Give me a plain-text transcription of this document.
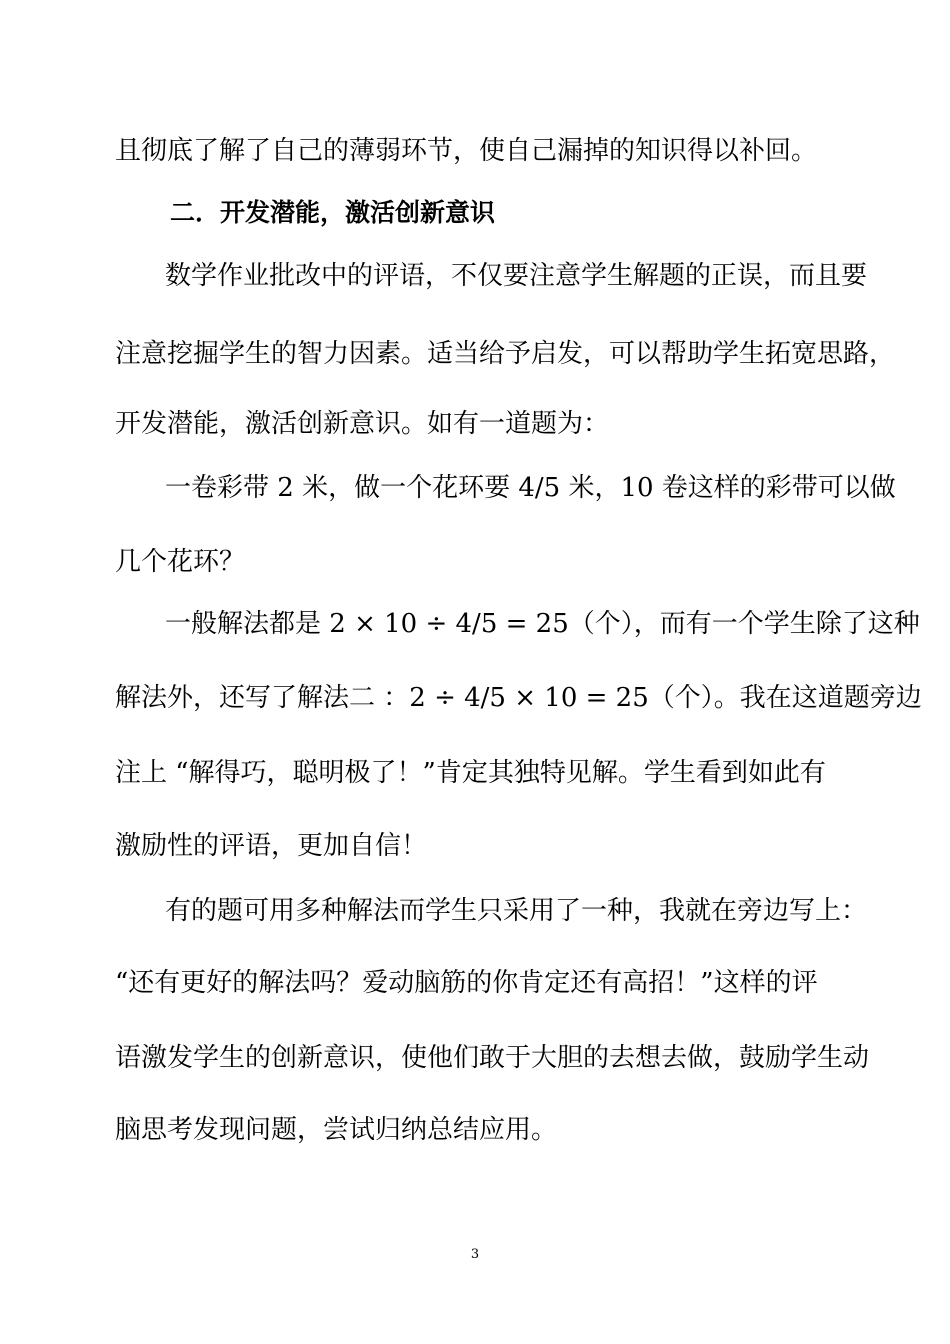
且彻底了解了自己的薄弱环节，使自己漏掉的知识得以补回。
二．开发潜能，激活创新意识
数学作业批改中的评语，不仅要注意学生解题的正误，而且要
注意挖掘学生的智力因素。适当给予启发，可以帮助学生拓宽思路，
开发潜能，激活创新意识。如有一道题为：
一卷彩带 2 米，做一个花环要 4/5 米，10 卷这样的彩带可以做
几个花环？
一般解法都是 2 × 10 ÷ 4/5 = 25（个），而有一个学生除了这种
解法外，还写了解法二 ：2 ÷ 4/5 × 10 = 25（个）。我在这道题旁边
注上 “解得巧，聪明极了！”肯定其独特见解。学生看到如此有
激励性的评语，更加自信！
有的题可用多种解法而学生只采用了一种，我就在旁边写上：
“还有更好的解法吗？爱动脑筋的你肯定还有高招！”这样的评
语激发学生的创新意识，使他们敢于大胆的去想去做，鼓励学生动
脑思考发现问题，尝试归纳总结应用。
3
